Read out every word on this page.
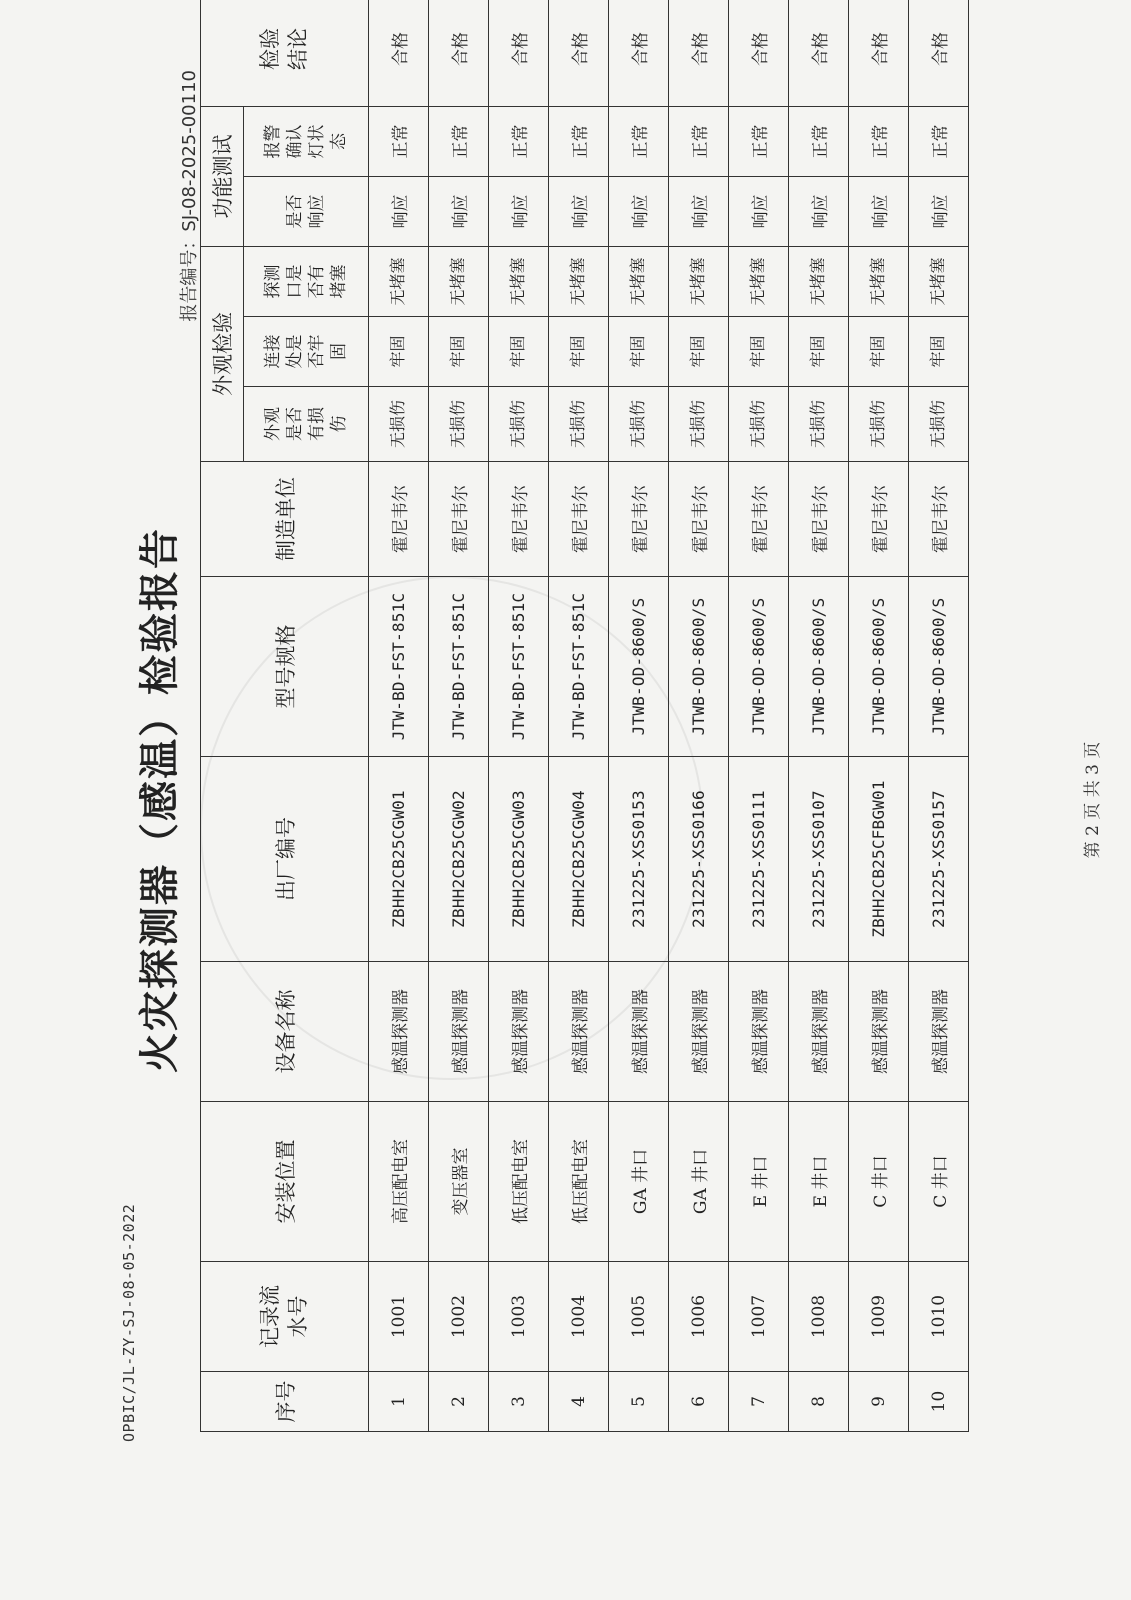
OPBIC/JL-ZY-SJ-08-05-2022
火灾探测器（感温）检验报告
报告编号：SJ-08-2025-00110
序号	记录流水号	安装位置	设备名称	出厂编号	型号规格	制造单位	外观检验			功能测试		检验结论
							外观是否有损伤	连接处是否牢固	探测口是否有堵塞	是否响应	报警确认灯状态	
1	1001	高压配电室	感温探测器	ZBHH2CB25CGW01	JTW-BD-FST-851C	霍尼韦尔	无损伤	牢固	无堵塞	响应	正常	合格
2	1002	变压器室	感温探测器	ZBHH2CB25CGW02	JTW-BD-FST-851C	霍尼韦尔	无损伤	牢固	无堵塞	响应	正常	合格
3	1003	低压配电室	感温探测器	ZBHH2CB25CGW03	JTW-BD-FST-851C	霍尼韦尔	无损伤	牢固	无堵塞	响应	正常	合格
4	1004	低压配电室	感温探测器	ZBHH2CB25CGW04	JTW-BD-FST-851C	霍尼韦尔	无损伤	牢固	无堵塞	响应	正常	合格
5	1005	GA 井口	感温探测器	231225-XSS0153	JTWB-OD-8600/S	霍尼韦尔	无损伤	牢固	无堵塞	响应	正常	合格
6	1006	GA 井口	感温探测器	231225-XSS0166	JTWB-OD-8600/S	霍尼韦尔	无损伤	牢固	无堵塞	响应	正常	合格
7	1007	E 井口	感温探测器	231225-XSS0111	JTWB-OD-8600/S	霍尼韦尔	无损伤	牢固	无堵塞	响应	正常	合格
8	1008	E 井口	感温探测器	231225-XSS0107	JTWB-OD-8600/S	霍尼韦尔	无损伤	牢固	无堵塞	响应	正常	合格
9	1009	C 井口	感温探测器	ZBHH2CB25CFBGW01	JTWB-OD-8600/S	霍尼韦尔	无损伤	牢固	无堵塞	响应	正常	合格
10	1010	C 井口	感温探测器	231225-XSS0157	JTWB-OD-8600/S	霍尼韦尔	无损伤	牢固	无堵塞	响应	正常	合格
第 2 页 共 3 页
